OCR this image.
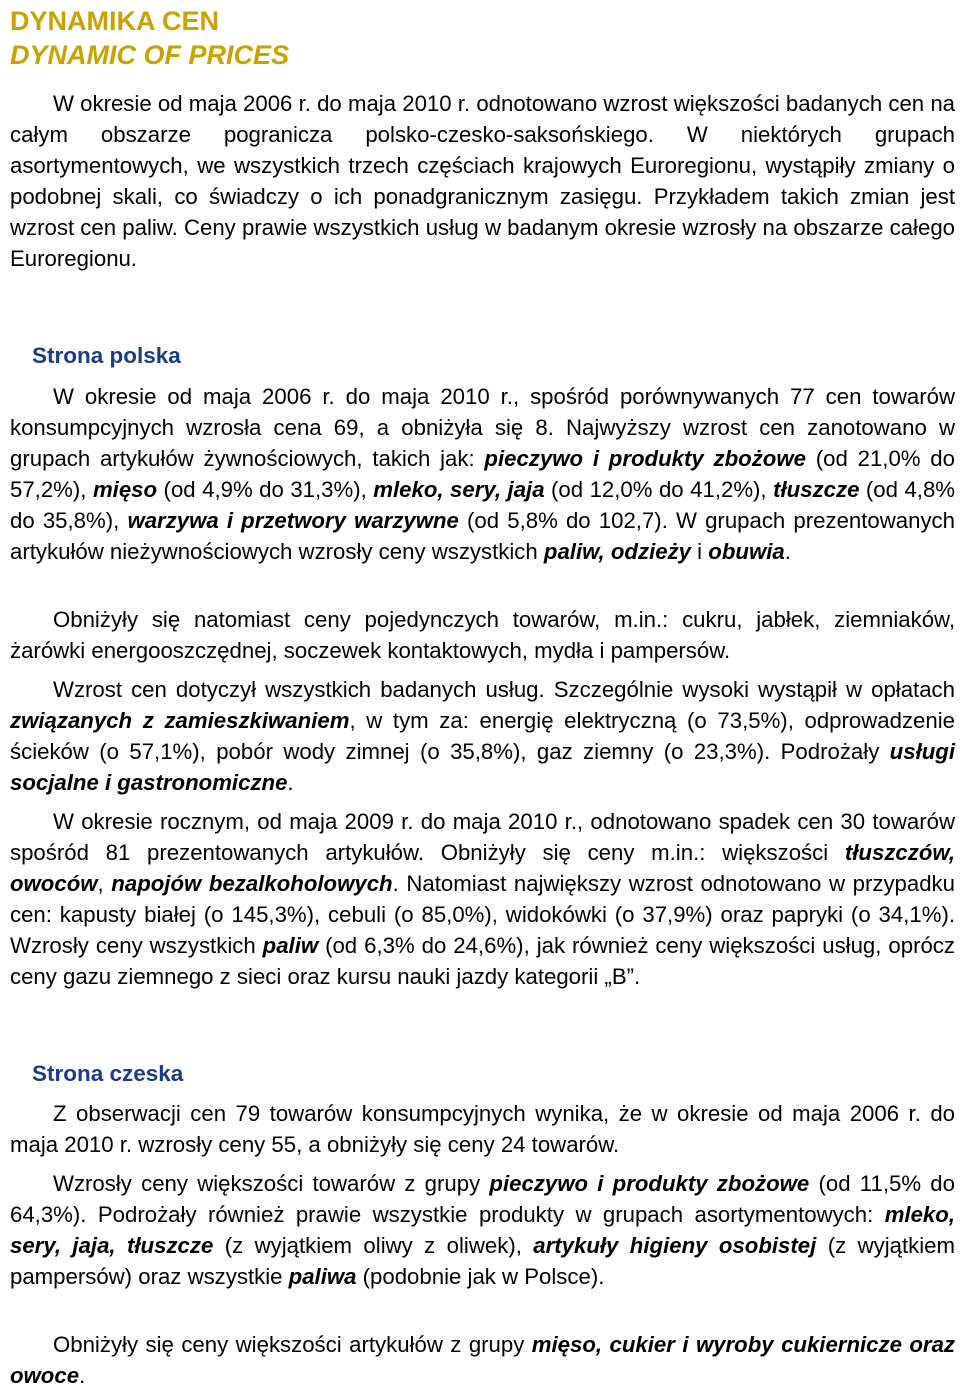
DYNAMIKA CEN
DYNAMIC OF PRICES

W okresie od maja 2006 r. do maja 2010 r. odnotowano wzrost większości badanych cen na całym obszarze pogranicza polsko-czesko-saksońskiego. W niektórych grupach asortymentowych, we wszystkich trzech częściach krajowych Euroregionu, wystąpiły zmiany o podobnej skali, co świadczy o ich ponadgranicznym zasięgu. Przykładem takich zmian jest wzrost cen paliw. Ceny prawie wszystkich usług w badanym okresie wzrosły na obszarze całego Euroregionu.

Strona polska

W okresie od maja 2006 r. do maja 2010 r., spośród porównywanych 77 cen towarów konsumpcyjnych wzrosła cena 69, a obniżyła się 8. Najwyższy wzrost cen zanotowano w grupach artykułów żywnościowych, takich jak: pieczywo i produkty zbożowe (od 21,0% do 57,2%), mięso (od 4,9% do 31,3%), mleko, sery, jaja (od 12,0% do 41,2%), tłuszcze (od 4,8% do 35,8%), warzywa i przetwory warzywne (od 5,8% do 102,7). W grupach prezentowanych artykułów nieżywnościowych wzrosły ceny wszystkich paliw, odzieży i obuwia.

Obniżyły się natomiast ceny pojedynczych towarów, m.in.: cukru, jabłek, ziemniaków, żarówki energooszczędnej, soczewek kontaktowych, mydła i pampersów.

Wzrost cen dotyczył wszystkich badanych usług. Szczególnie wysoki wystąpił w opłatach związanych z zamieszkiwaniem, w tym za: energię elektryczną (o 73,5%), odprowadzenie ścieków (o 57,1%), pobór wody zimnej (o 35,8%), gaz ziemny (o 23,3%). Podrożały usługi socjalne i gastronomiczne.

W okresie rocznym, od maja 2009 r. do maja 2010 r., odnotowano spadek cen 30 towarów spośród 81 prezentowanych artykułów. Obniżyły się ceny m.in.: większości tłuszczów, owoców, napojów bezalkoholowych. Natomiast największy wzrost odnotowano w przypadku cen: kapusty białej (o 145,3%), cebuli (o 85,0%), widokówki (o 37,9%) oraz papryki (o 34,1%). Wzrosły ceny wszystkich paliw (od 6,3% do 24,6%), jak również ceny większości usług, oprócz ceny gazu ziemnego z sieci oraz kursu nauki jazdy kategorii „B”.

Strona czeska

Z obserwacji cen 79 towarów konsumpcyjnych wynika, że w okresie od maja 2006 r. do maja 2010 r. wzrosły ceny 55, a obniżyły się ceny 24 towarów.

Wzrosły ceny większości towarów z grupy pieczywo i produkty zbożowe (od 11,5% do 64,3%). Podrożały również prawie wszystkie produkty w grupach asortymentowych: mleko, sery, jaja, tłuszcze (z wyjątkiem oliwy z oliwek), artykuły higieny osobistej (z wyjątkiem pampersów) oraz wszystkie paliwa (podobnie jak w Polsce).

Obniżyły się ceny większości artykułów z grupy mięso, cukier i wyroby cukiernicze oraz owoce.
